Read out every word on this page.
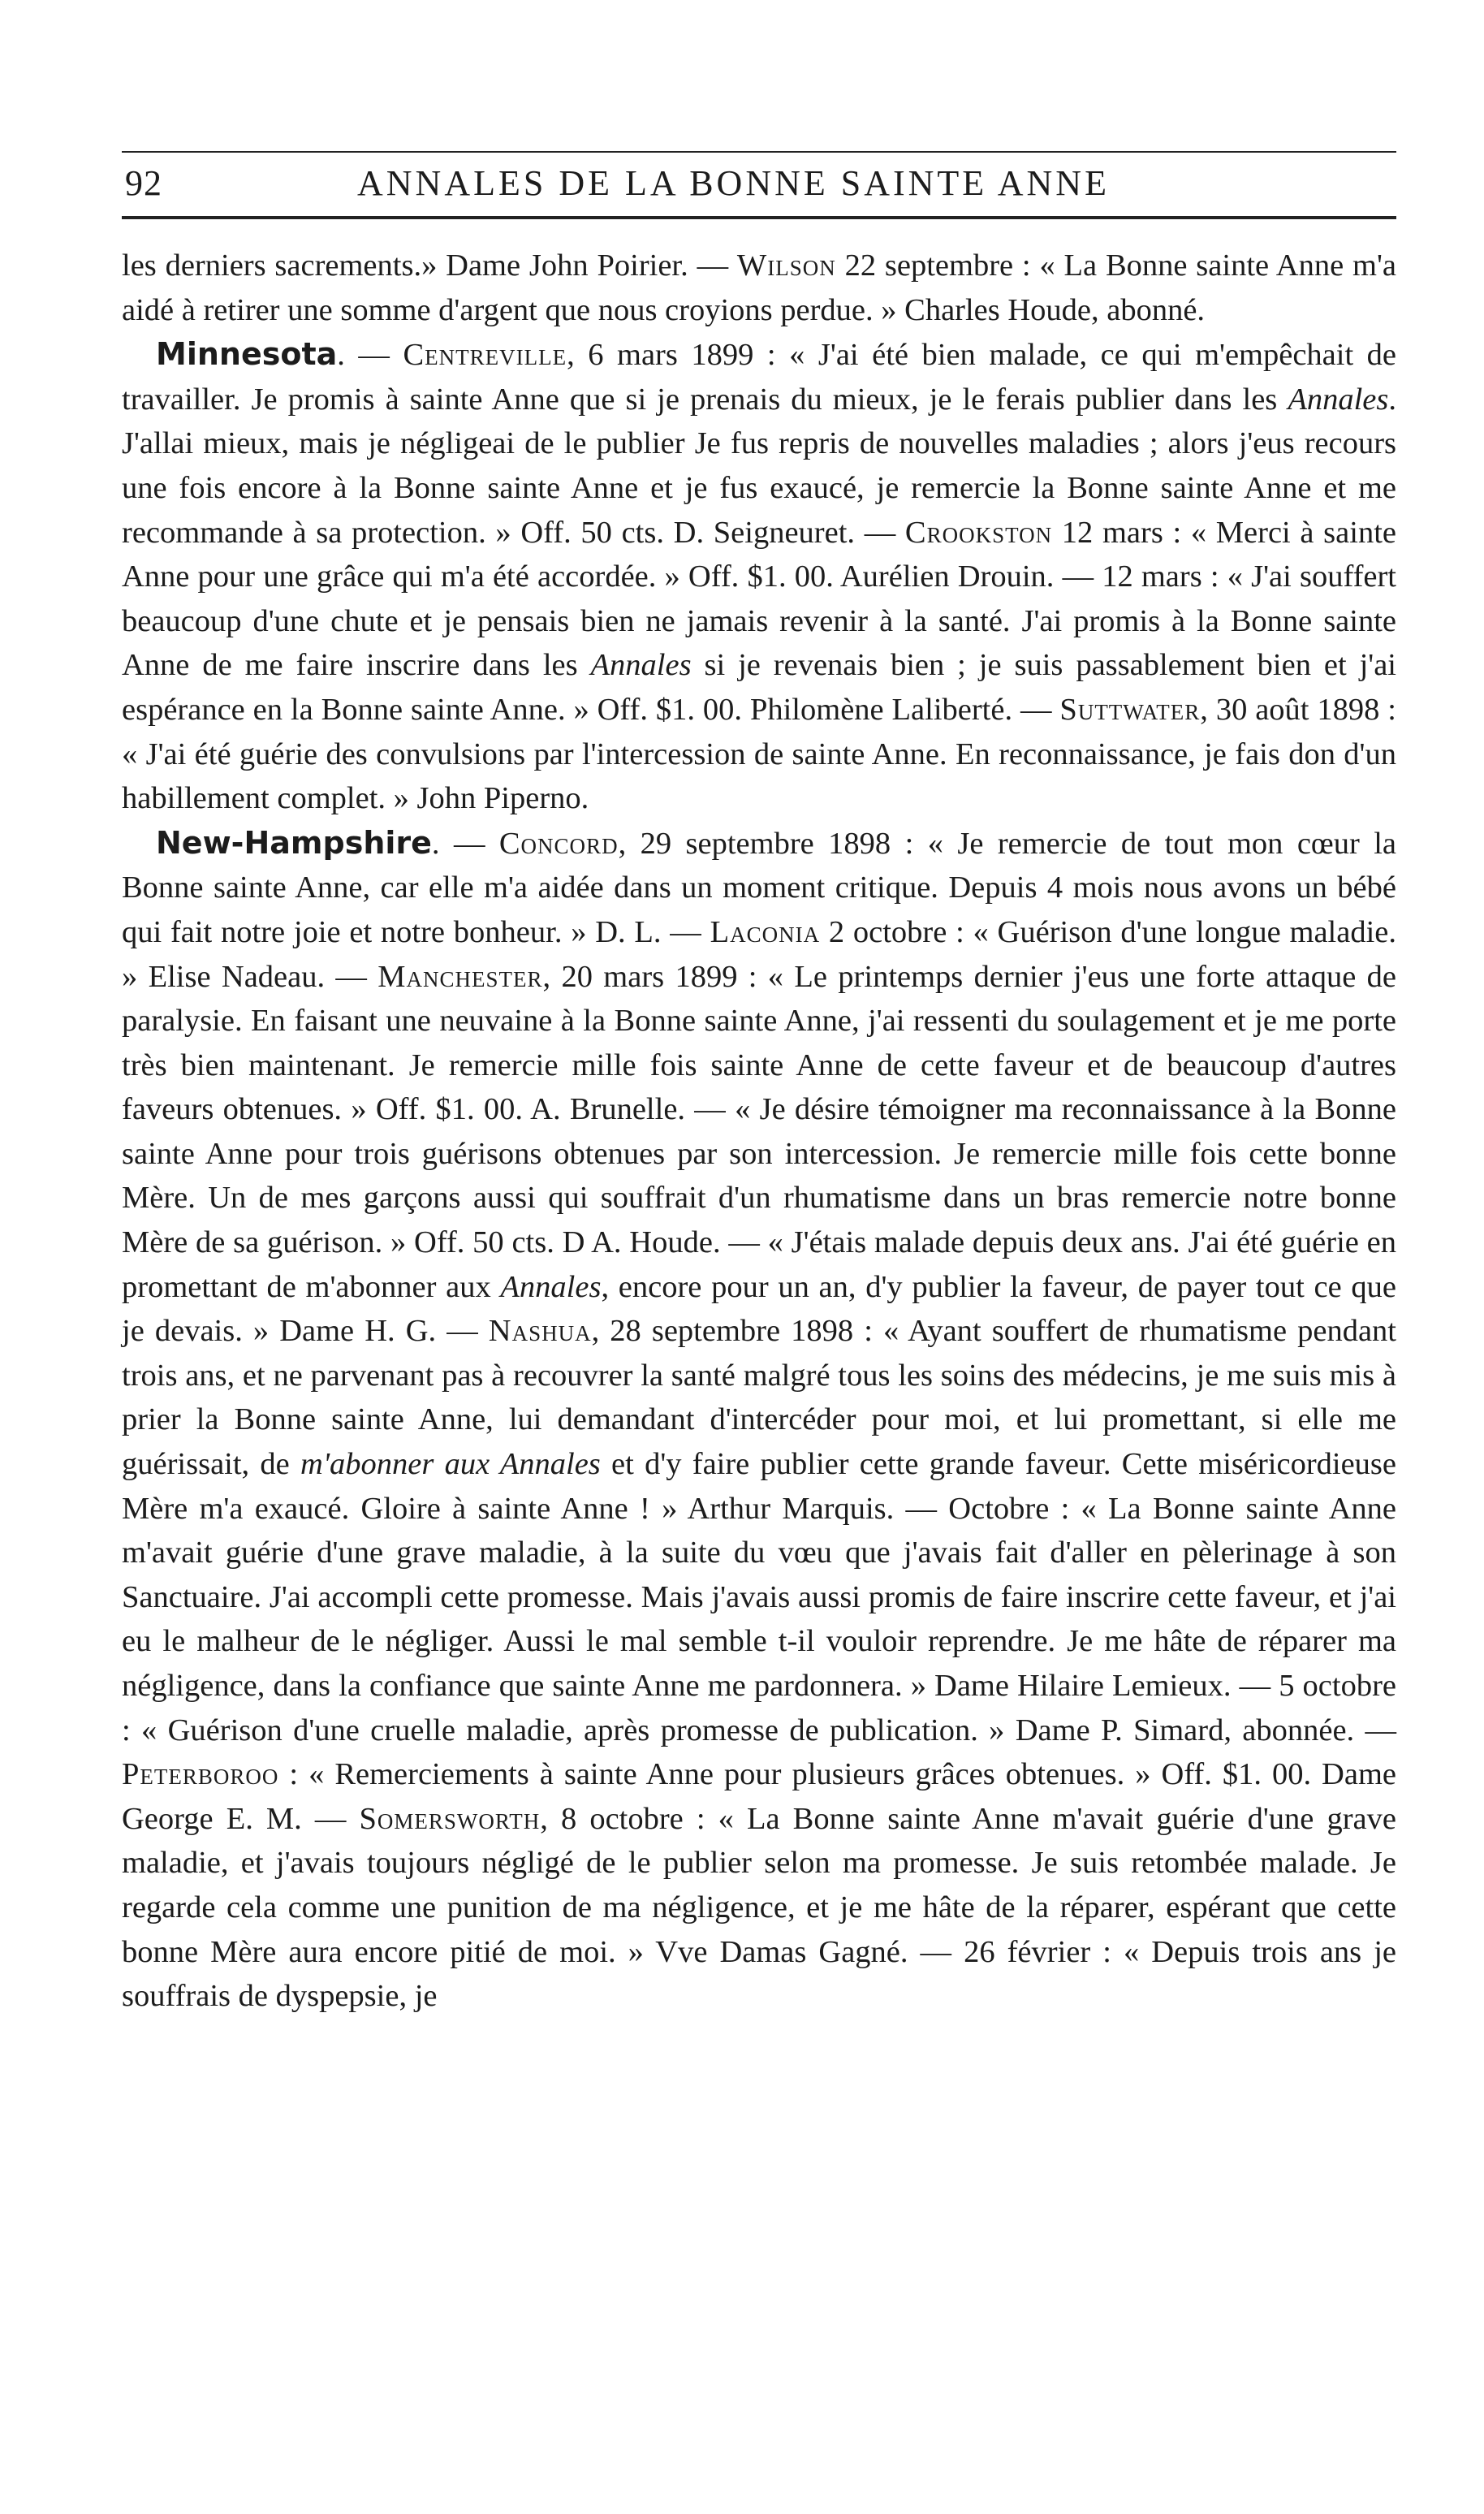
92	ANNALES DE LA BONNE SAINTE ANNE

les derniers sacrements.» Dame John Poirier. — Wilson 22 septembre : « La Bonne sainte Anne m'a aidé à retirer une somme d'argent que nous croyions perdue. » Charles Houde, abonné.

Minnesota. — Centreville, 6 mars 1899 : « J'ai été bien malade, ce qui m'empêchait de travailler. Je promis à sainte Anne que si je prenais du mieux, je le ferais publier dans les Annales. J'allai mieux, mais je négligeai de le publier Je fus repris de nouvelles maladies ; alors j'eus recours une fois encore à la Bonne sainte Anne et je fus exaucé, je remercie la Bonne sainte Anne et me recommande à sa protection. » Off. 50 cts. D. Seigneuret. — Crookston 12 mars : « Merci à sainte Anne pour une grâce qui m'a été accordée. » Off. $1. 00. Aurélien Drouin. — 12 mars : « J'ai souffert beaucoup d'une chute et je pensais bien ne jamais revenir à la santé. J'ai promis à la Bonne sainte Anne de me faire inscrire dans les Annales si je revenais bien ; je suis passablement bien et j'ai espérance en la Bonne sainte Anne. » Off. $1. 00. Philomène Laliberté. — Suttwater, 30 août 1898 : « J'ai été guérie des convulsions par l'intercession de sainte Anne. En reconnaissance, je fais don d'un habillement complet. » John Piperno.

New-Hampshire. — Concord, 29 septembre 1898 : « Je remercie de tout mon cœur la Bonne sainte Anne, car elle m'a aidée dans un moment critique. Depuis 4 mois nous avons un bébé qui fait notre joie et notre bonheur. » D. L. — Laconia 2 octobre : « Guérison d'une longue maladie. » Elise Nadeau. — Manchester, 20 mars 1899 : « Le printemps dernier j'eus une forte attaque de paralysie. En faisant une neuvaine à la Bonne sainte Anne, j'ai ressenti du soulagement et je me porte très bien maintenant. Je remercie mille fois sainte Anne de cette faveur et de beaucoup d'autres faveurs obtenues. » Off. $1. 00. A. Brunelle. — « Je désire témoigner ma reconnaissance à la Bonne sainte Anne pour trois guérisons obtenues par son intercession. Je remercie mille fois cette bonne Mère. Un de mes garçons aussi qui souffrait d'un rhumatisme dans un bras remercie notre bonne Mère de sa guérison. » Off. 50 cts. D A. Houde. — « J'étais malade depuis deux ans. J'ai été guérie en promettant de m'abonner aux Annales, encore pour un an, d'y publier la faveur, de payer tout ce que je devais. » Dame H. G. — Nashua, 28 septembre 1898 : « Ayant souffert de rhumatisme pendant trois ans, et ne parvenant pas à recouvrer la santé malgré tous les soins des médecins, je me suis mis à prier la Bonne sainte Anne, lui demandant d'intercéder pour moi, et lui promettant, si elle me guérissait, de m'abonner aux Annales et d'y faire publier cette grande faveur. Cette miséricordieuse Mère m'a exaucé. Gloire à sainte Anne ! » Arthur Marquis. — Octobre : « La Bonne sainte Anne m'avait guérie d'une grave maladie, à la suite du vœu que j'avais fait d'aller en pèlerinage à son Sanctuaire. J'ai accompli cette promesse. Mais j'avais aussi promis de faire inscrire cette faveur, et j'ai eu le malheur de le négliger. Aussi le mal semble t-il vouloir reprendre. Je me hâte de réparer ma négligence, dans la confiance que sainte Anne me pardonnera. » Dame Hilaire Lemieux. — 5 octobre : « Guérison d'une cruelle maladie, après promesse de publication. » Dame P. Simard, abonnée. — Peterboroo : « Remerciements à sainte Anne pour plusieurs grâces obtenues. » Off. $1. 00. Dame George E. M. — Somersworth, 8 octobre : « La Bonne sainte Anne m'avait guérie d'une grave maladie, et j'avais toujours négligé de le publier selon ma promesse. Je suis retombée malade. Je regarde cela comme une punition de ma négligence, et je me hâte de la réparer, espérant que cette bonne Mère aura encore pitié de moi. » Vve Damas Gagné. — 26 février : « Depuis trois ans je souffrais de dyspepsie, je
